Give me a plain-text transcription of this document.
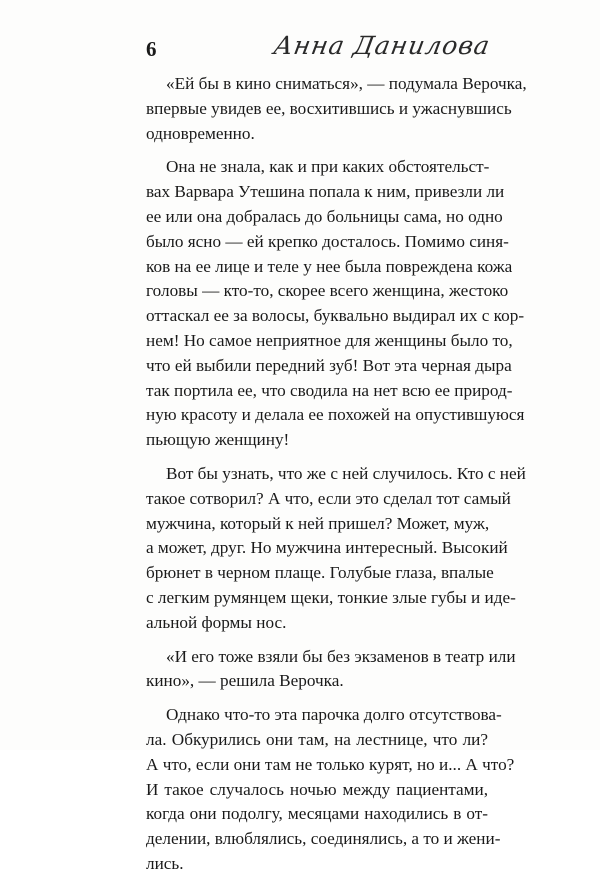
6	Анна Данилова

«Ей бы в кино сниматься», — подумала Верочка,
впервые увидев ее, восхитившись и ужаснувшись
одновременно.

Она не знала, как и при каких обстоятельст-
вах Варвара Утешина попала к ним, привезли ли
ее или она добралась до больницы сама, но одно
было ясно — ей крепко досталось. Помимо синя-
ков на ее лице и теле у нее была повреждена кожа
головы — кто-то, скорее всего женщина, жестоко
оттаскал ее за волосы, буквально выдирал их с кор-
нем! Но самое неприятное для женщины было то,
что ей выбили передний зуб! Вот эта черная дыра
так портила ее, что сводила на нет всю ее природ-
ную красоту и делала ее похожей на опустившуюся
пьющую женщину!

Вот бы узнать, что же с ней случилось. Кто с ней
такое сотворил? А что, если это сделал тот самый
мужчина, который к ней пришел? Может, муж,
а может, друг. Но мужчина интересный. Высокий
брюнет в черном плаще. Голубые глаза, впалые
с легким румянцем щеки, тонкие злые губы и иде-
альной формы нос.

«И его тоже взяли бы без экзаменов в театр или
кино», — решила Верочка.

Однако что-то эта парочка долго отсутствова-
ла. Обкурились они там, на лестнице, что ли?
А что, если они там не только курят, но и... А что?
И такое случалось ночью между пациентами,
когда они подолгу, месяцами находились в от-
делении, влюблялись, соединялись, а то и жени-
лись.
